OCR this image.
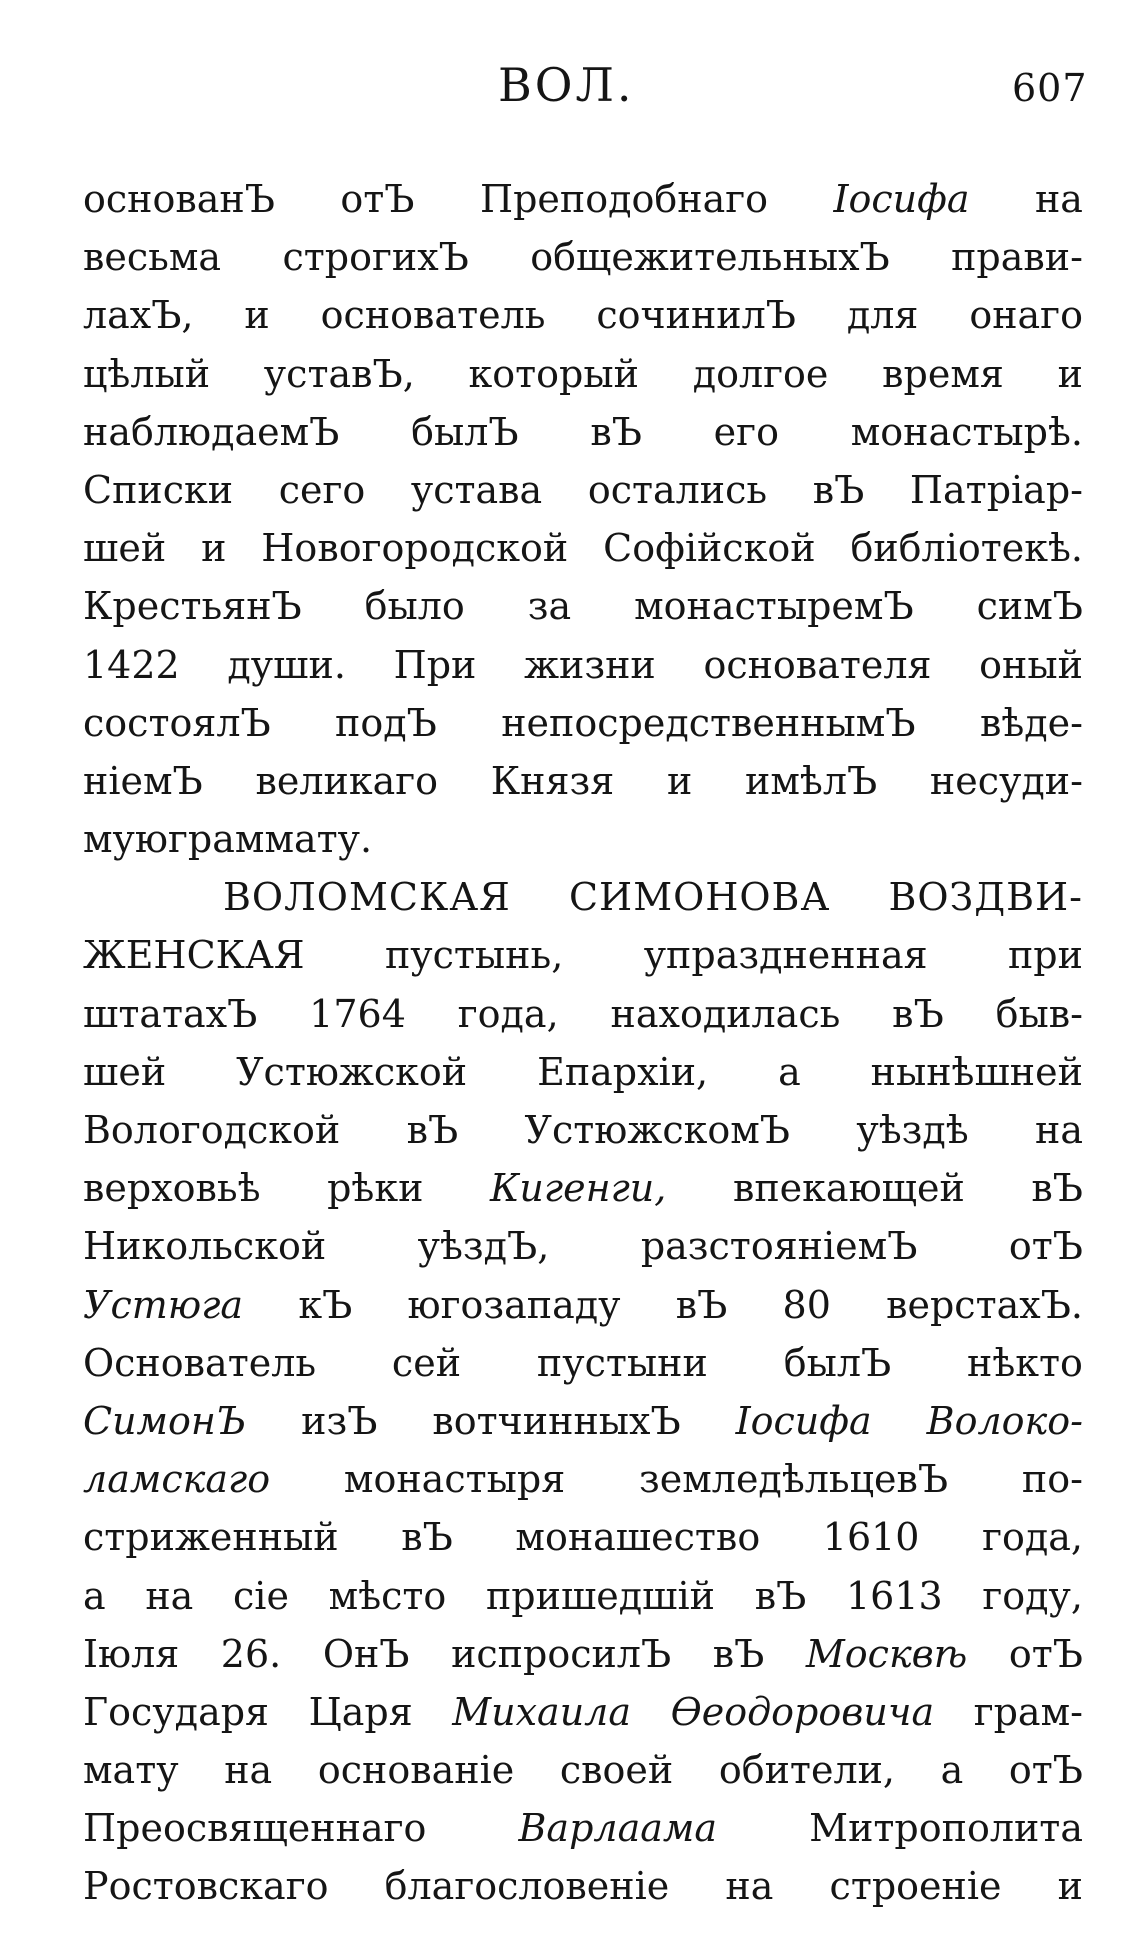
ВОЛ.	607
основанЪ отЪ Преподобнаго Іосифа на
весьма строгихЪ общежительныхЪ прави-
лахЪ, и основатель сочинилЪ для онаго
цѣлый уставЪ, который долгое время и
наблюдаемЪ былЪ вЪ его монастырѣ.
Списки сего устава остались вЪ Патріар-
шей и Новогородской Софійской библіотекѣ.
КрестьянЪ было за монастыремЪ симЪ
1422 души. При жизни основателя оный
состоялЪ подЪ непосредственнымЪ вѣде-
ніемЪ великаго Князя и имѣлЪ несуди-
мую граммату.
ВОЛОМСКАЯ СИМОНОВА ВОЗДВИ-
ЖЕНСКАЯ пустынь, упраздненная при
штатахЪ 1764 года, находилась вЪ быв-
шей Устюжской Епархіи, а нынѣшней
Вологодской вЪ УстюжскомЪ уѣздѣ на
верховьѣ рѣки Кигенги, впекающей вЪ
Никольской уѣздЪ, разстояніемЪ отЪ
Устюга кЪ югозападу вЪ 80 верстахЪ.
Основатель сей пустыни былЪ нѣкто
СимонЪ изЪ вотчинныхЪ Іосифа Волоко-
ламскаго монастыря земледѣльцевЪ по-
стриженный вЪ монашество 1610 года,
а на сіе мѣсто пришедшій вЪ 1613 году,
Іюля 26. ОнЪ испросилЪ вЪ Москвѣ отЪ
Государя Царя Михаила Ѳеодоровича грам-
мату на основаніе своей обители, а отЪ
Преосвященнаго Варлаама Митрополита
Ростовскаго благословеніе на строеніе и
